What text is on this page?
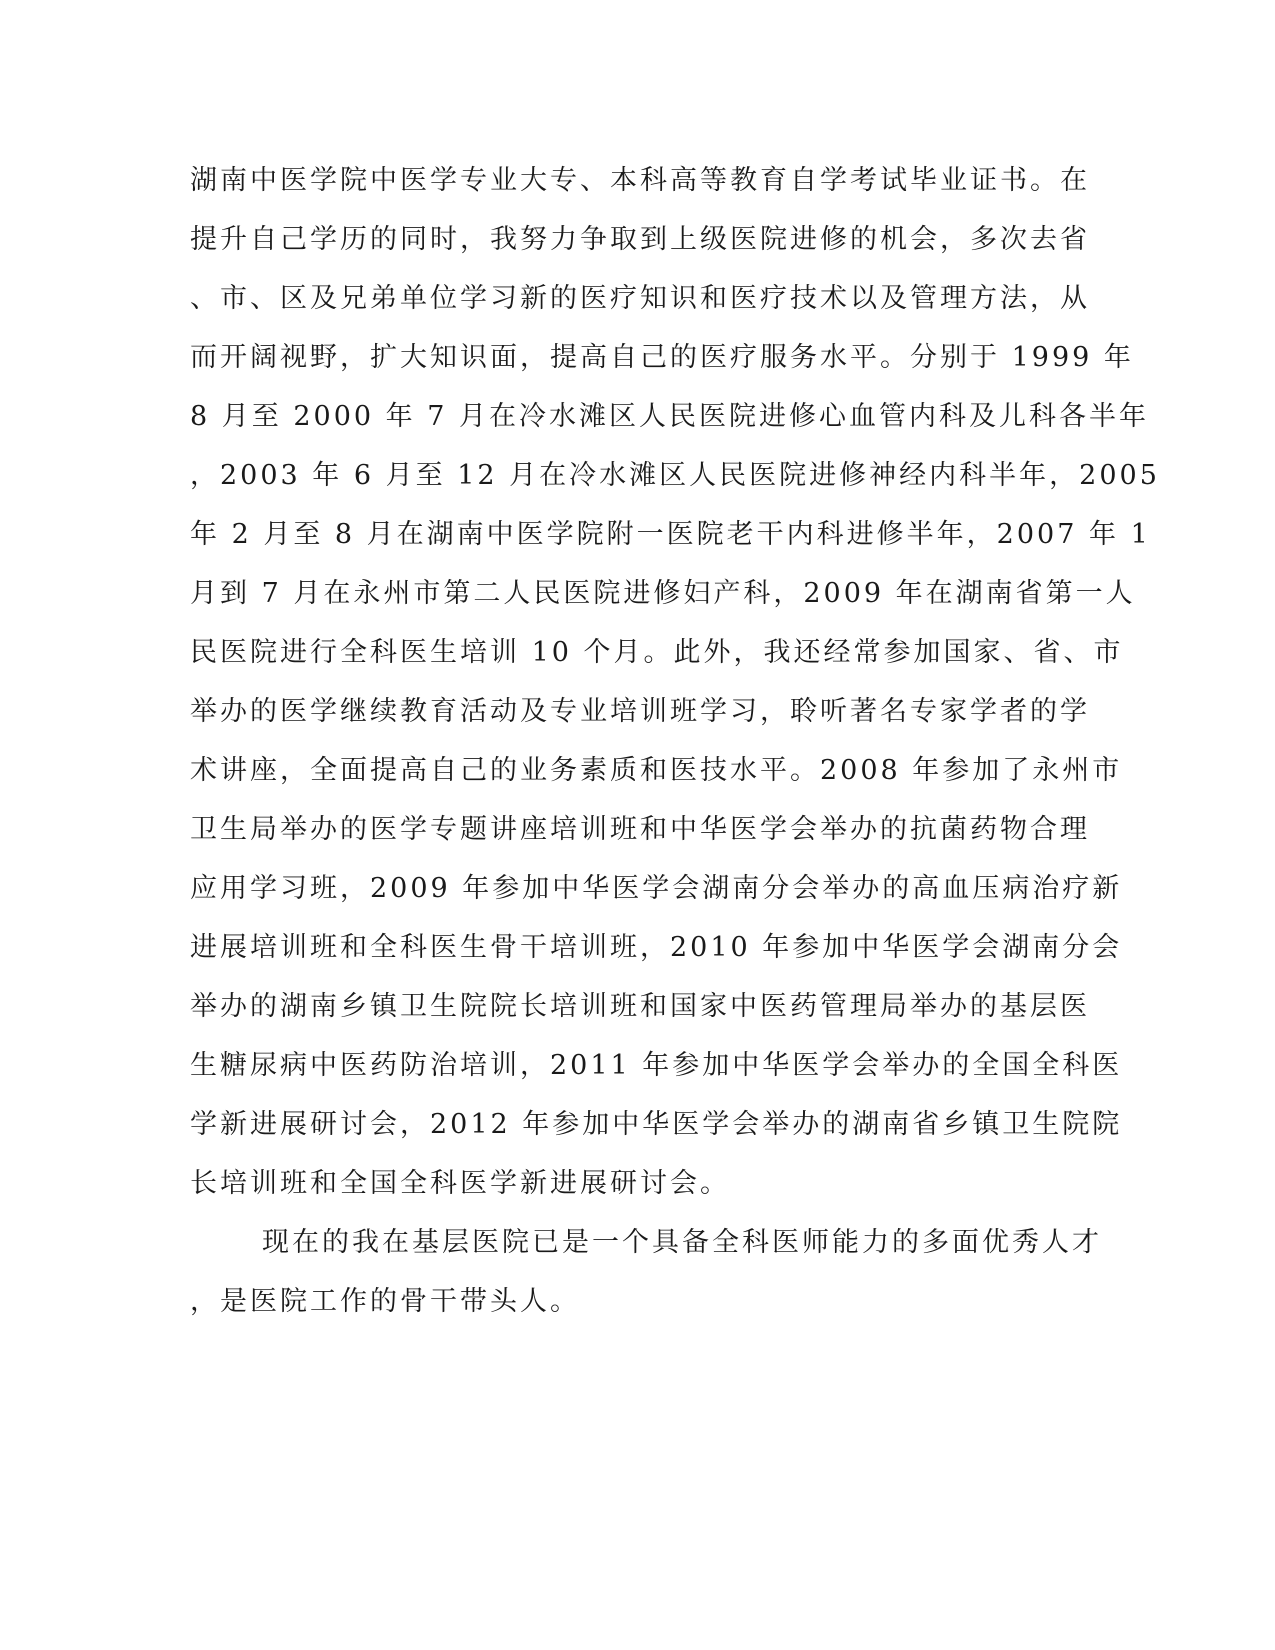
湖南中医学院中医学专业大专、本科高等教育自学考试毕业证书。在
提升自己学历的同时，我努力争取到上级医院进修的机会，多次去省
、市、区及兄弟单位学习新的医疗知识和医疗技术以及管理方法，从
而开阔视野，扩大知识面，提高自己的医疗服务水平。分别于 1999 年
8 月至 2000 年 7 月在冷水滩区人民医院进修心血管内科及儿科各半年
，2003 年 6 月至 12 月在冷水滩区人民医院进修神经内科半年，2005
年 2 月至 8 月在湖南中医学院附一医院老干内科进修半年，2007 年 1
月到 7 月在永州市第二人民医院进修妇产科，2009 年在湖南省第一人
民医院进行全科医生培训 10 个月。此外，我还经常参加国家、省、市
举办的医学继续教育活动及专业培训班学习，聆听著名专家学者的学
术讲座，全面提高自己的业务素质和医技水平。2008 年参加了永州市
卫生局举办的医学专题讲座培训班和中华医学会举办的抗菌药物合理
应用学习班，2009 年参加中华医学会湖南分会举办的高血压病治疗新
进展培训班和全科医生骨干培训班，2010 年参加中华医学会湖南分会
举办的湖南乡镇卫生院院长培训班和国家中医药管理局举办的基层医
生糖尿病中医药防治培训，2011 年参加中华医学会举办的全国全科医
学新进展研讨会，2012 年参加中华医学会举办的湖南省乡镇卫生院院
长培训班和全国全科医学新进展研讨会。
现在的我在基层医院已是一个具备全科医师能力的多面优秀人才
，是医院工作的骨干带头人。
